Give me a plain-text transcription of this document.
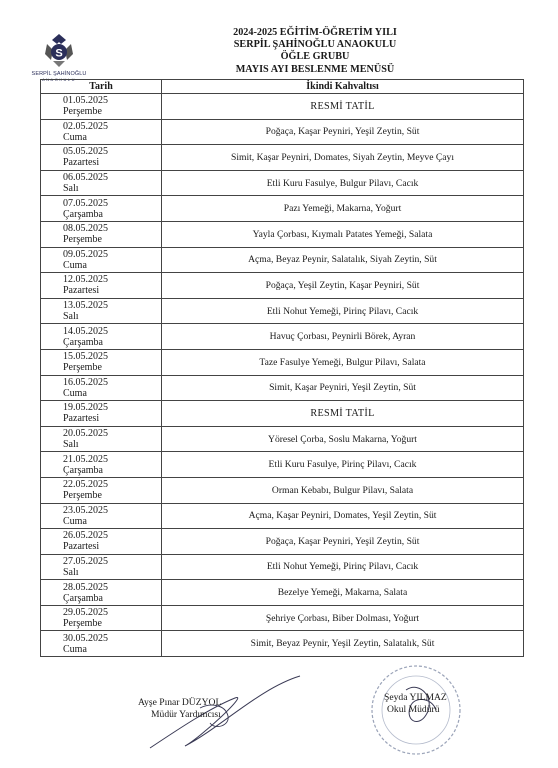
S
SERPİL ŞAHİNOĞLU
ANAOKULU
2024-2025 EĞİTİM-ÖĞRETİM YILI
SERPİL ŞAHİNOĞLU ANAOKULU
ÖĞLE GRUBU
MAYIS AYI BESLENME MENÜSÜ
Tarih	İkindi Kahvaltısı

01.05.2025
Perşembe	RESMİ TATİL

02.05.2025
Cuma	Poğaça, Kaşar Peyniri, Yeşil Zeytin, Süt

05.05.2025
Pazartesi	Simit, Kaşar Peyniri, Domates, Siyah Zeytin, Meyve Çayı

06.05.2025
Salı	Etli Kuru Fasulye, Bulgur Pilavı, Cacık

07.05.2025
Çarşamba	Pazı Yemeği, Makarna, Yoğurt

08.05.2025
Perşembe	Yayla Çorbası, Kıymalı Patates Yemeği, Salata

09.05.2025
Cuma	Açma, Beyaz Peynir, Salatalık, Siyah Zeytin, Süt

12.05.2025
Pazartesi	Poğaça, Yeşil Zeytin, Kaşar Peyniri, Süt

13.05.2025
Salı	Etli Nohut Yemeği, Pirinç Pilavı, Cacık

14.05.2025
Çarşamba	Havuç Çorbası, Peynirli Börek, Ayran

15.05.2025
Perşembe	Taze Fasulye Yemeği, Bulgur Pilavı, Salata

16.05.2025
Cuma	Simit, Kaşar Peyniri, Yeşil Zeytin, Süt

19.05.2025
Pazartesi	RESMİ TATİL

20.05.2025
Salı	Yöresel Çorba, Soslu Makarna, Yoğurt

21.05.2025
Çarşamba	Etli Kuru Fasulye, Pirinç Pilavı, Cacık

22.05.2025
Perşembe	Orman Kebabı, Bulgur Pilavı, Salata

23.05.2025
Cuma	Açma, Kaşar Peyniri, Domates, Yeşil Zeytin, Süt

26.05.2025
Pazartesi	Poğaça, Kaşar Peyniri, Yeşil Zeytin, Süt

27.05.2025
Salı	Etli Nohut Yemeği, Pirinç Pilavı, Cacık

28.05.2025
Çarşamba	Bezelye Yemeği, Makarna, Salata

29.05.2025
Perşembe	Şehriye Çorbası, Biber Dolması, Yoğurt

30.05.2025
Cuma	Simit, Beyaz Peynir, Yeşil Zeytin, Salatalık, Süt
Ayşe Pınar DÜZYOL
Müdür Yardımcısı
Şeyda YILMAZ
Okul Müdürü
